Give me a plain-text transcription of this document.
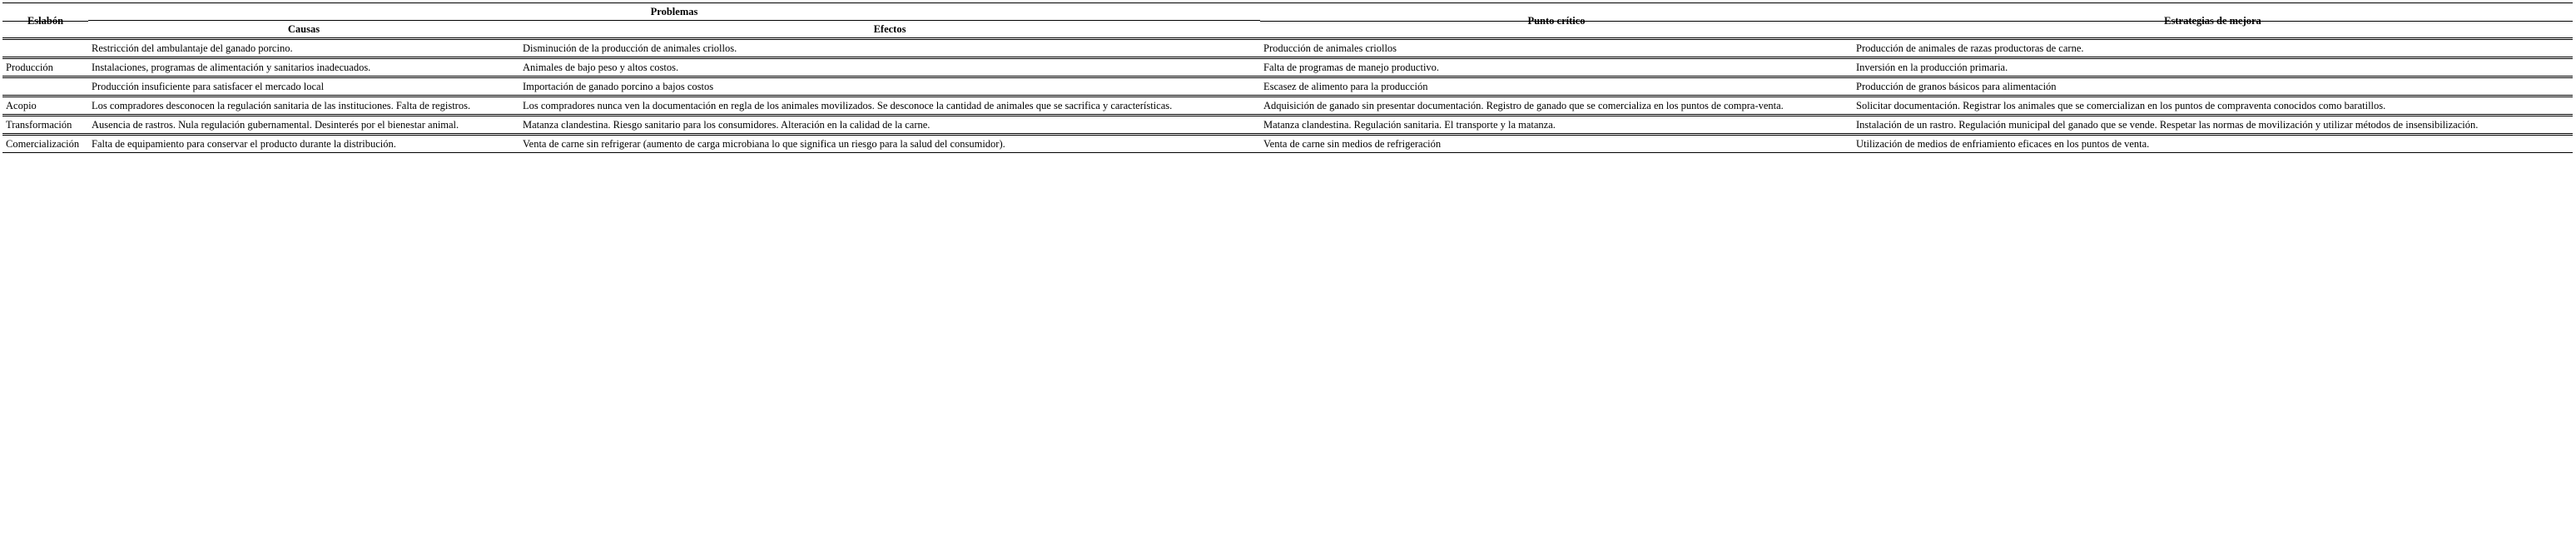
Eslabón	Problemas		Punto crítico	Estrategias de mejora
	Causas	Efectos		
	Restricción del ambulantaje del ganado porcino.	Disminución de la producción de animales criollos.	Producción de animales criollos	Producción de animales de razas productoras de carne.
Producción	Instalaciones, programas de alimentación y sanitarios inadecuados.	Animales de bajo peso y altos costos.	Falta de programas de manejo productivo.	Inversión en la producción primaria.
	Producción insuficiente para satisfacer el mercado local	Importación de ganado porcino a bajos costos	Escasez de alimento para la producción	Producción de granos básicos para alimentación
Acopio	Los compradores desconocen la regulación sanitaria de las instituciones. Falta de registros.	Los compradores nunca ven la documentación en regla de los animales movilizados. Se desconoce la cantidad de animales que se sacrifica y características.	Adquisición de ganado sin presentar documentación. Registro de ganado que se comercializa en los puntos de compra-venta.	Solicitar documentación. Registrar los animales que se comercializan en los puntos de compraventa conocidos como baratillos.
Transformación	Ausencia de rastros. Nula regulación gubernamental. Desinterés por el bienestar animal.	Matanza clandestina. Riesgo sanitario para los consumidores. Alteración en la calidad de la carne.	Matanza clandestina. Regulación sanitaria. El transporte y la matanza.	Instalación de un rastro. Regulación municipal del ganado que se vende. Respetar las normas de movilización y utilizar métodos de insensibilización.
Comercialización	Falta de equipamiento para conservar el producto durante la distribución.	Venta de carne sin refrigerar (aumento de carga microbiana lo que significa un riesgo para la salud del consumidor).	Venta de carne sin medios de refrigeración	Utilización de medios de enfriamiento eficaces en los puntos de venta.
